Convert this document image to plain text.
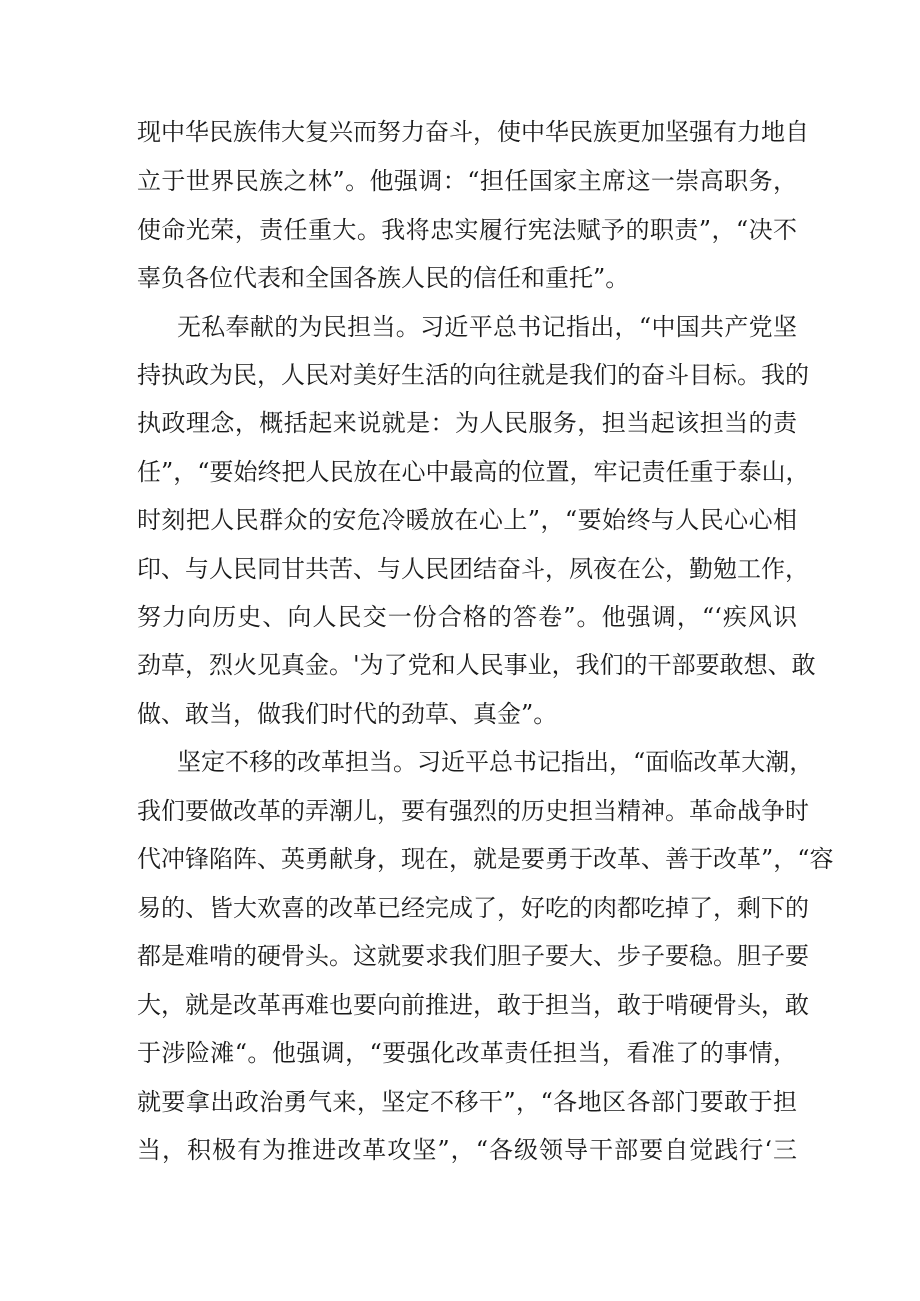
现中华民族伟大复兴而努力奋斗，使中华民族更加坚强有力地自
立于世界民族之林”。他强调：“担任国家主席这一崇高职务，
使命光荣，责任重大。我将忠实履行宪法赋予的职责”，“决不
辜负各位代表和全国各族人民的信任和重托”。
无私奉献的为民担当。习近平总书记指出，“中国共产党坚
持执政为民，人民对美好生活的向往就是我们的奋斗目标。我的
执政理念，概括起来说就是：为人民服务，担当起该担当的责
任”，“要始终把人民放在心中最高的位置，牢记责任重于泰山，
时刻把人民群众的安危冷暖放在心上”，“要始终与人民心心相
印、与人民同甘共苦、与人民团结奋斗，夙夜在公，勤勉工作，
努力向历史、向人民交一份合格的答卷”。他强调，“‘疾风识
劲草，烈火见真金。'为了党和人民事业，我们的干部要敢想、敢
做、敢当，做我们时代的劲草、真金”。
坚定不移的改革担当。习近平总书记指出，“面临改革大潮，
我们要做改革的弄潮儿，要有强烈的历史担当精神。革命战争时
代冲锋陷阵、英勇献身，现在，就是要勇于改革、善于改革”，“容
易的、皆大欢喜的改革已经完成了，好吃的肉都吃掉了，剩下的
都是难啃的硬骨头。这就要求我们胆子要大、步子要稳。胆子要
大，就是改革再难也要向前推进，敢于担当，敢于啃硬骨头，敢
于涉险滩“。他强调，“要强化改革责任担当，看准了的事情，
就要拿出政治勇气来，坚定不移干”，“各地区各部门要敢于担
当，积极有为推进改革攻坚”，“各级领导干部要自觉践行‘三
